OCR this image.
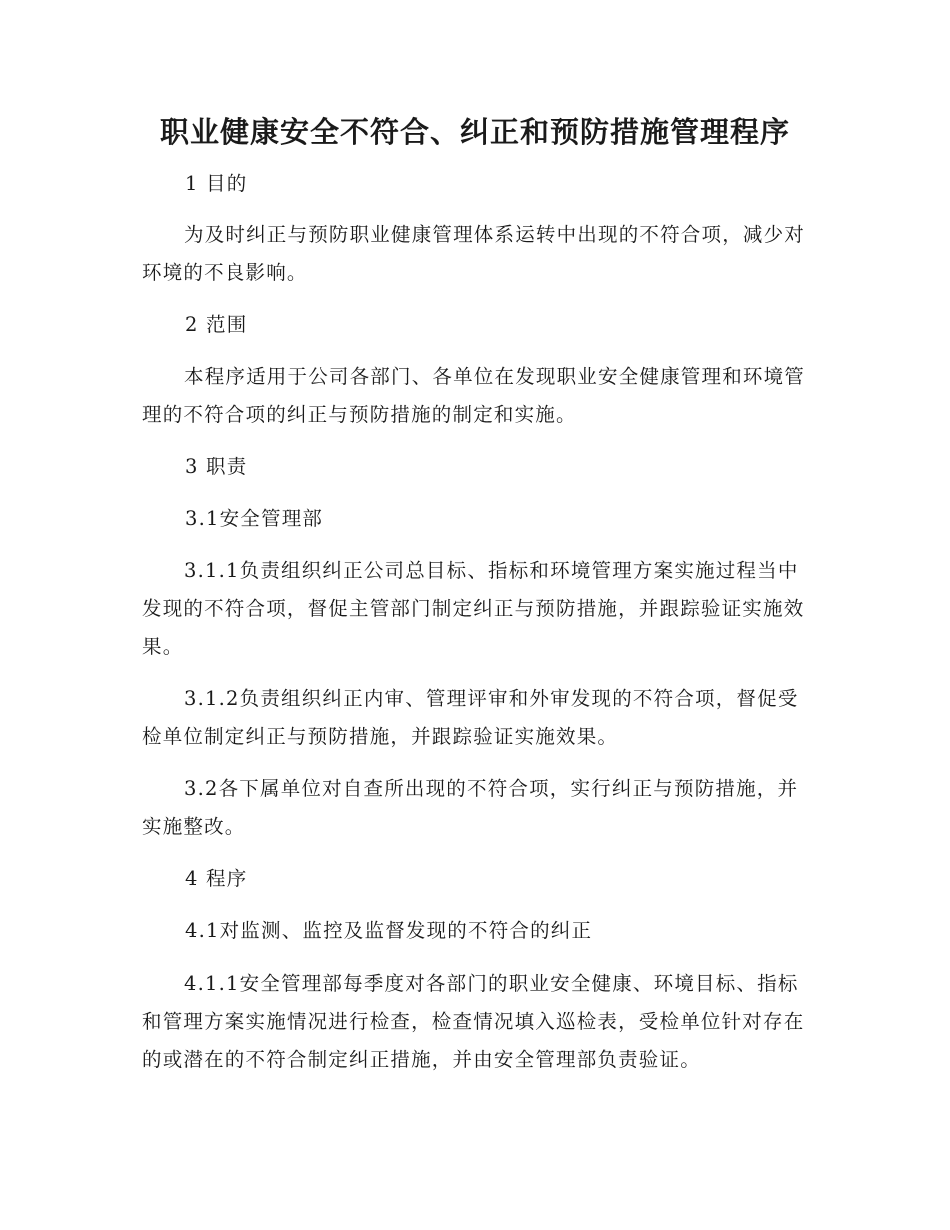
职业健康安全不符合、纠正和预防措施管理程序

1 目的

为及时纠正与预防职业健康管理体系运转中出现的不符合项，减少对环境的不良影响。

2 范围

本程序适用于公司各部门、各单位在发现职业安全健康管理和环境管理的不符合项的纠正与预防措施的制定和实施。

3 职责

3.1安全管理部

3.1.1负责组织纠正公司总目标、指标和环境管理方案实施过程当中发现的不符合项，督促主管部门制定纠正与预防措施，并跟踪验证实施效果。

3.1.2负责组织纠正内审、管理评审和外审发现的不符合项，督促受检单位制定纠正与预防措施，并跟踪验证实施效果。

3.2各下属单位对自查所出现的不符合项，实行纠正与预防措施，并实施整改。

4 程序

4.1对监测、监控及监督发现的不符合的纠正

4.1.1安全管理部每季度对各部门的职业安全健康、环境目标、指标和管理方案实施情况进行检查，检查情况填入巡检表，受检单位针对存在的或潜在的不符合制定纠正措施，并由安全管理部负责验证。
